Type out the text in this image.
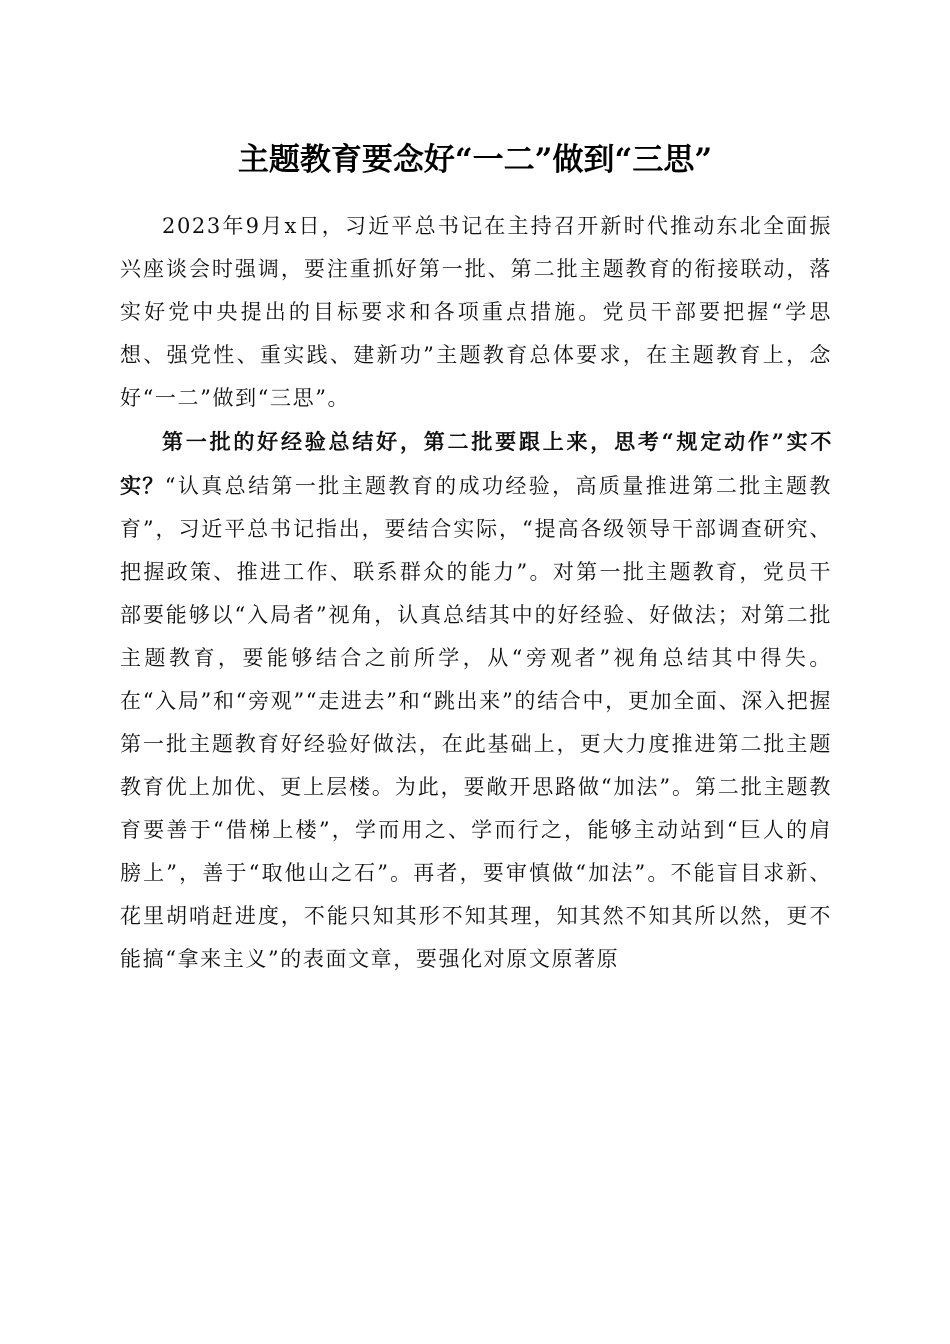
主题教育要念好“一二”做到“三思”

2023年9月x日，习近平总书记在主持召开新时代推动东北全面振兴座谈会时强调，要注重抓好第一批、第二批主题教育的衔接联动，落实好党中央提出的目标要求和各项重点措施。党员干部要把握“学思想、强党性、重实践、建新功”主题教育总体要求，在主题教育上，念好“一二”做到“三思”。

第一批的好经验总结好，第二批要跟上来，思考“规定动作”实不实？“认真总结第一批主题教育的成功经验，高质量推进第二批主题教育”，习近平总书记指出，要结合实际，“提高各级领导干部调查研究、把握政策、推进工作、联系群众的能力”。对第一批主题教育，党员干部要能够以“入局者”视角，认真总结其中的好经验、好做法；对第二批主题教育，要能够结合之前所学，从“旁观者”视角总结其中得失。在“入局”和“旁观”“走进去”和“跳出来”的结合中，更加全面、深入把握第一批主题教育好经验好做法，在此基础上，更大力度推进第二批主题教育优上加优、更上层楼。为此，要敞开思路做“加法”。第二批主题教育要善于“借梯上楼”，学而用之、学而行之，能够主动站到“巨人的肩膀上”，善于“取他山之石”。再者，要审慎做“加法”。不能盲目求新、花里胡哨赶进度，不能只知其形不知其理，知其然不知其所以然，更不能搞“拿来主义”的表面文章，要强化对原文原著原
